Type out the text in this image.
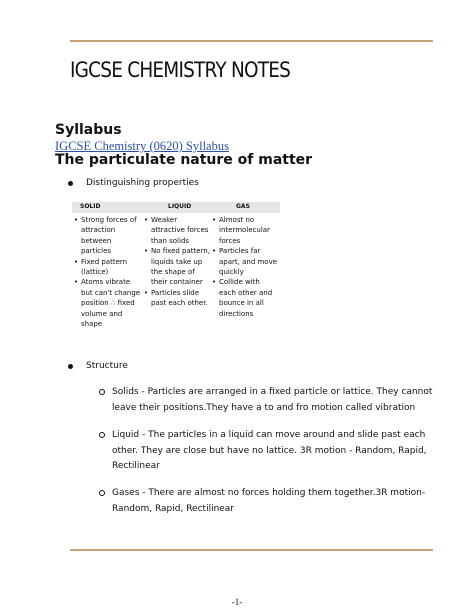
IGCSE CHEMISTRY NOTES
Syllabus
IGCSE Chemistry (0620) Syllabus
The particulate nature of matter
Distinguishing properties
SOLID	LIQUID	GAS
• Strong forces of attraction between particles
• Fixed pattern (lattice)
• Atoms vibrate but can't change position ∴ fixed volume and shape
• Weaker attractive forces than solids
• No fixed pattern, liquids take up the shape of their container
• Particles slide past each other.
• Almost no intermolecular forces
• Particles far apart, and move quickly
• Collide with each other and bounce in all directions
Structure
Solids - Particles are arranged in a fixed particle or lattice. They cannot leave their positions.They have a to and fro motion called vibration
Liquid - The particles in a liquid can move around and slide past each other. They are close but have no lattice. 3R motion - Random, Rapid, Rectilinear
Gases - There are almost no forces holding them together.3R motion- Random, Rapid, Rectilinear
-1-
